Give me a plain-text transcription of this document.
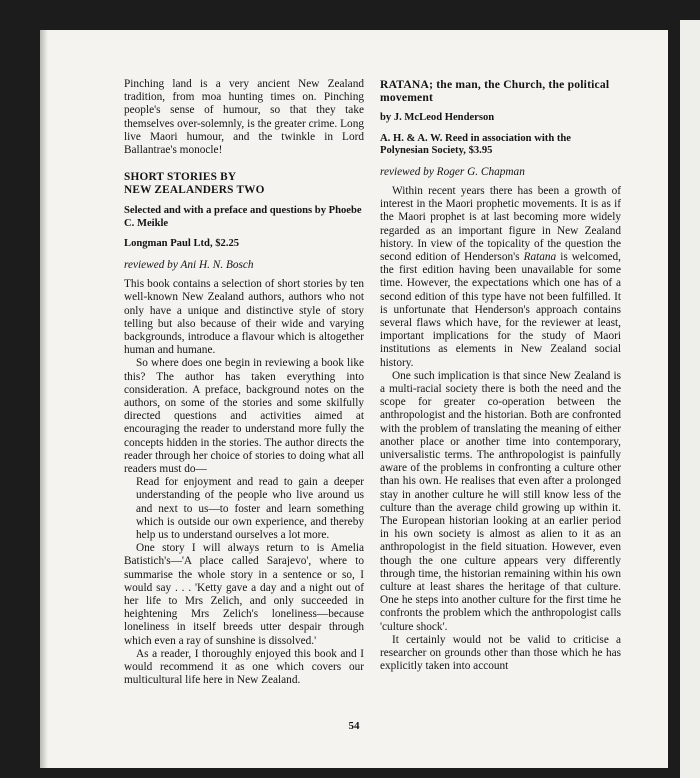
Pinching land is a very ancient New Zealand tradition, from moa hunting times on. Pinching people's sense of humour, so that they take themselves over-solemnly, is the greater crime. Long live Maori humour, and the twinkle in Lord Ballantrae's monocle!

SHORT STORIES BY
NEW ZEALANDERS TWO
Selected and with a preface and questions by Phoebe C. Meikle
Longman Paul Ltd, $2.25
reviewed by Ani H. N. Bosch

This book contains a selection of short stories by ten well-known New Zealand authors, authors who not only have a unique and distinctive style of story telling but also because of their wide and varying backgrounds, introduce a flavour which is altogether human and humane.

So where does one begin in reviewing a book like this? The author has taken everything into consideration. A preface, background notes on the authors, on some of the stories and some skilfully directed questions and activities aimed at encouraging the reader to understand more fully the concepts hidden in the stories. The author directs the reader through her choice of stories to doing what all readers must do—

Read for enjoyment and read to gain a deeper understanding of the people who live around us and next to us—to foster and learn something which is outside our own experience, and thereby help us to understand ourselves a lot more.

One story I will always return to is Amelia Batistich's—'A place called Sarajevo', where to summarise the whole story in a sentence or so, I would say . . . 'Ketty gave a day and a night out of her life to Mrs Zelich, and only succeeded in heightening Mrs Zelich's loneliness—because loneliness in itself breeds utter despair through which even a ray of sunshine is dissolved.'

As a reader, I thoroughly enjoyed this book and I would recommend it as one which covers our multicultural life here in New Zealand.

RATANA; the man, the Church, the political movement
by J. McLeod Henderson
A. H. & A. W. Reed in association with the Polynesian Society, $3.95
reviewed by Roger G. Chapman

Within recent years there has been a growth of interest in the Maori prophetic movements. It is as if the Maori prophet is at last becoming more widely regarded as an important figure in New Zealand history. In view of the topicality of the question the second edition of Henderson's Ratana is welcomed, the first edition having been unavailable for some time. However, the expectations which one has of a second edition of this type have not been fulfilled. It is unfortunate that Henderson's approach contains several flaws which have, for the reviewer at least, important implications for the study of Maori institutions as elements in New Zealand social history.

One such implication is that since New Zealand is a multi-racial society there is both the need and the scope for greater co-operation between the anthropologist and the historian. Both are confronted with the problem of translating the meaning of either another place or another time into contemporary, universalistic terms. The anthropologist is painfully aware of the problems in confronting a culture other than his own. He realises that even after a prolonged stay in another culture he will still know less of the culture than the average child growing up within it. The European historian looking at an earlier period in his own society is almost as alien to it as an anthropologist in the field situation. However, even though the one culture appears very differently through time, the historian remaining within his own culture at least shares the heritage of that culture. One he steps into another culture for the first time he confronts the problem which the anthropologist calls 'culture shock'.

It certainly would not be valid to criticise a researcher on grounds other than those which he has explicitly taken into account

54
